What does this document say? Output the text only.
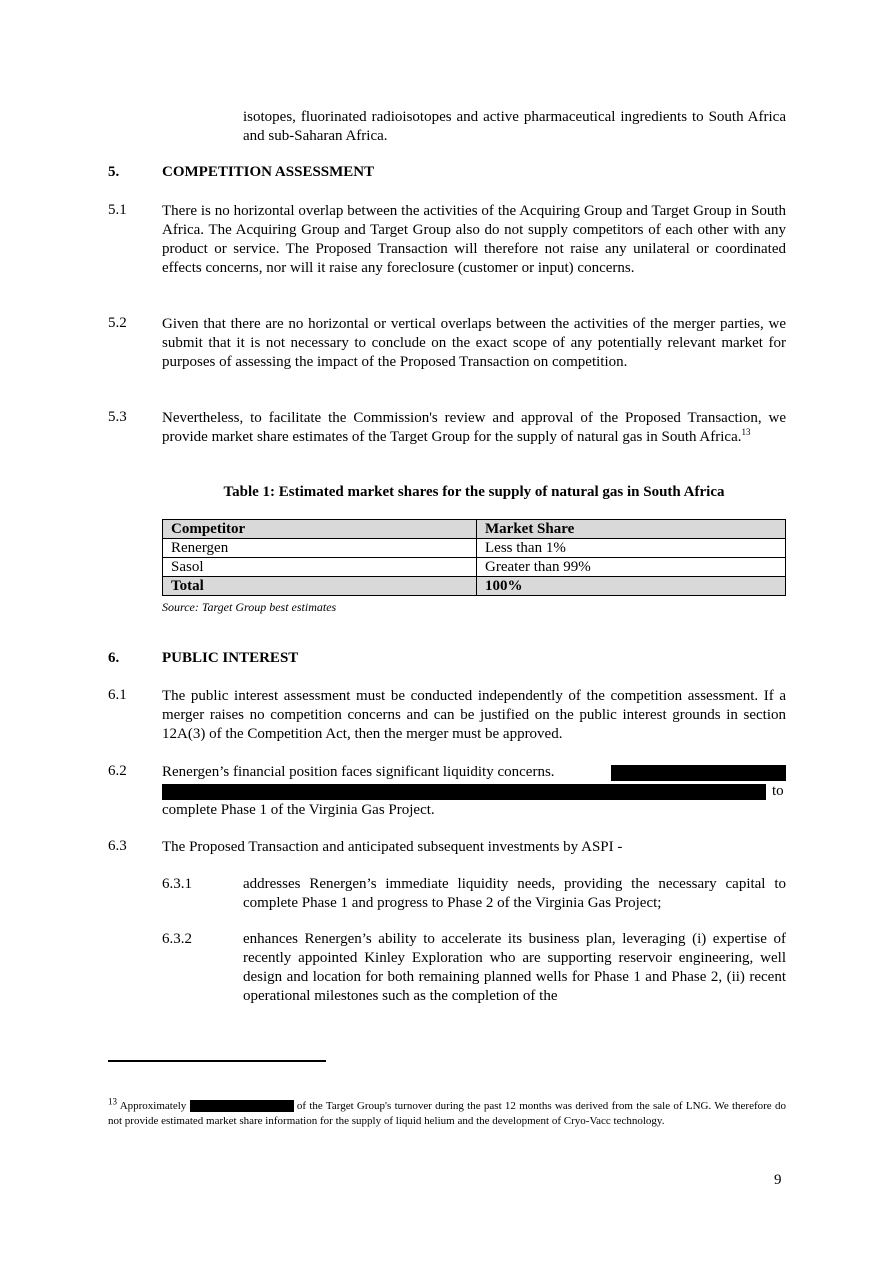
isotopes, fluorinated radioisotopes and active pharmaceutical ingredients to South Africa and sub-Saharan Africa.
5.	COMPETITION ASSESSMENT
5.1 There is no horizontal overlap between the activities of the Acquiring Group and Target Group in South Africa. The Acquiring Group and Target Group also do not supply competitors of each other with any product or service. The Proposed Transaction will therefore not raise any unilateral or coordinated effects concerns, nor will it raise any foreclosure (customer or input) concerns.
5.2 Given that there are no horizontal or vertical overlaps between the activities of the merger parties, we submit that it is not necessary to conclude on the exact scope of any potentially relevant market for purposes of assessing the impact of the Proposed Transaction on competition.
5.3 Nevertheless, to facilitate the Commission's review and approval of the Proposed Transaction, we provide market share estimates of the Target Group for the supply of natural gas in South Africa.$^{13}$
Table 1: Estimated market shares for the supply of natural gas in South Africa
Competitor	Market Share
Renergen	Less than 1%
Sasol	Greater than 99%
Total	100%
Source: Target Group best estimates
6.	PUBLIC INTEREST
6.1 The public interest assessment must be conducted independently of the competition assessment. If a merger raises no competition concerns and can be justified on the public interest grounds in section 12A(3) of the Competition Act, then the merger must be approved.
6.2 Renergen’s financial position faces significant liquidity concerns.
to
complete Phase 1 of the Virginia Gas Project.
6.3 The Proposed Transaction and anticipated subsequent investments by ASPI -
6.3.1	addresses Renergen’s immediate liquidity needs, providing the necessary capital to complete Phase 1 and progress to Phase 2 of the Virginia Gas Project;
6.3.2	enhances Renergen’s ability to accelerate its business plan, leveraging (i) expertise of recently appointed Kinley Exploration who are supporting reservoir engineering, well design and location for both remaining planned wells for Phase 1 and Phase 2, (ii) recent operational milestones such as the completion of the
$^{13}$ Approximately	of the Target Group's turnover during the past 12 months was derived from the sale of LNG. We therefore do not provide estimated market share information for the supply of liquid helium and the development of Cryo-Vacc technology.
9
